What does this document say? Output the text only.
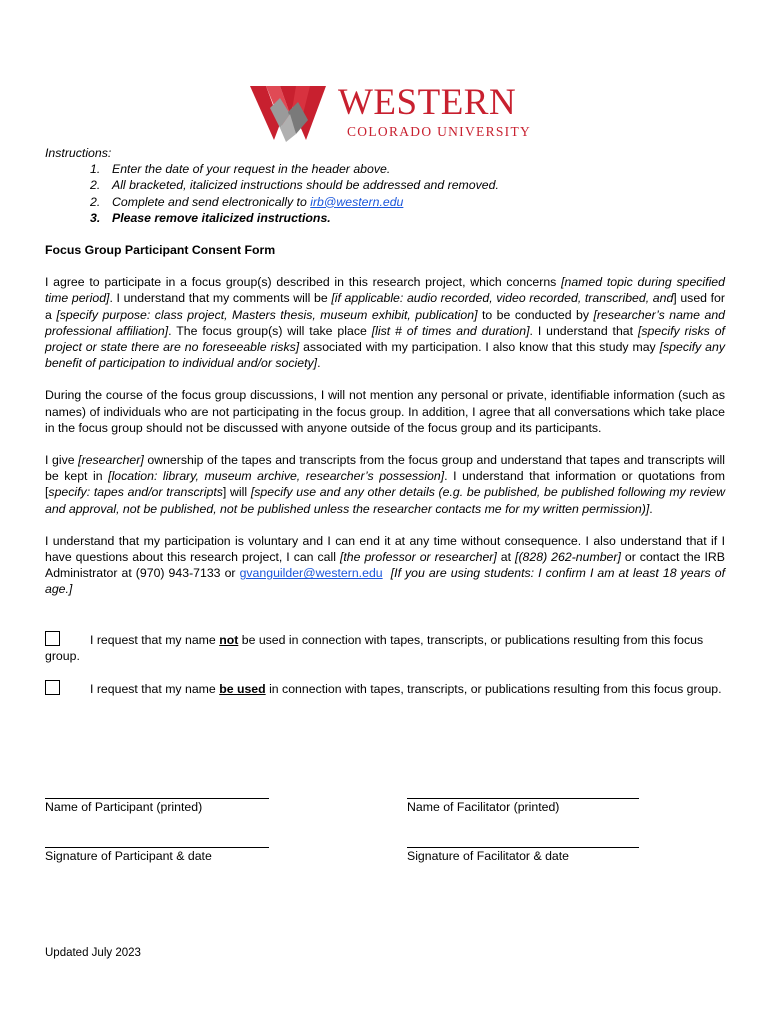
WESTERN
COLORADO UNIVERSITY
Instructions:
1. Enter the date of your request in the header above.
2. All bracketed, italicized instructions should be addressed and removed.
2. Complete and send electronically to irb@western.edu
3. Please remove italicized instructions.
Focus Group Participant Consent Form

I agree to participate in a focus group(s) described in this research project, which concerns [named topic during specified time period]. I understand that my comments will be [if applicable: audio recorded, video recorded, transcribed, and] used for a [specify purpose: class project, Masters thesis, museum exhibit, publication] to be conducted by [researcher’s name and professional affiliation]. The focus group(s) will take place [list # of times and duration]. I understand that [specify risks of project or state there are no foreseeable risks] associated with my participation. I also know that this study may [specify any benefit of participation to individual and/or society].

During the course of the focus group discussions, I will not mention any personal or private, identifiable information (such as names) of individuals who are not participating in the focus group. In addition, I agree that all conversations which take place in the focus group should not be discussed with anyone outside of the focus group and its participants.

I give [researcher] ownership of the tapes and transcripts from the focus group and understand that tapes and transcripts will be kept in [location: library, museum archive, researcher’s possession]. I understand that information or quotations from [specify: tapes and/or transcripts] will [specify use and any other details (e.g. be published, be published following my review and approval, not be published, not be published unless the researcher contacts me for my written permission)].

I understand that my participation is voluntary and I can end it at any time without consequence. I also understand that if I have questions about this research project, I can call [the professor or researcher] at [(828) 262-number] or contact the IRB Administrator at (970) 943-7133 or gvanguilder@western.edu [If you are using students: I confirm I am at least 18 years of age.]

I request that my name not be used in connection with tapes, transcripts, or publications resulting from this focus group.
I request that my name be used in connection with tapes, transcripts, or publications resulting from this focus group.
Name of Participant (printed)	Name of Facilitator (printed)
Signature of Participant & date	Signature of Facilitator & date
Updated July 2023
